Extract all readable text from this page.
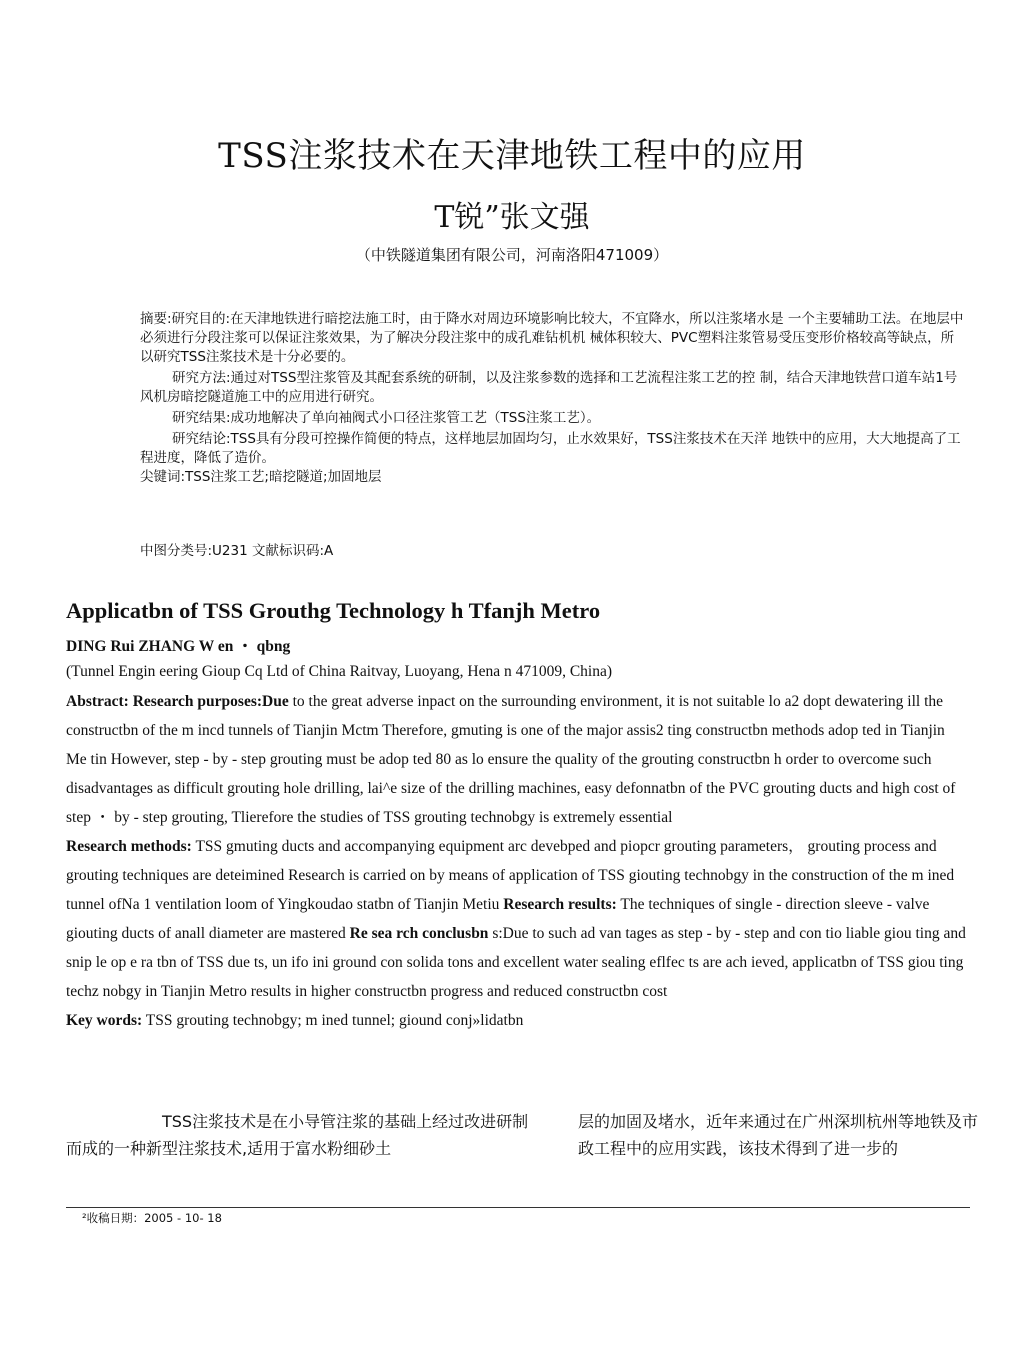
TSS注浆技术在天津地铁工程中的应用
T锐”张文强
（中铁隧道集团有限公司，河南洛阳471009）

摘要:研究目的:在天津地铁进行暗挖法施工时，由于降水对周边环境影响比较大，不宜降水，所以注浆堵水是 一个主要辅助工法。在地层中必须进行分段注浆可以保证注浆效果，为了解决分段注浆中的成孔难钻机机 械体积较大、PVC塑料注浆管易受压变形价格较高等缺点，所以研究TSS注浆技术是十分必要的。

研究方法:通过对TSS型注浆管及其配套系统的研制，以及注浆参数的选择和工艺流程注浆工艺的控 制，结合天津地铁营口道车站1号风机房暗挖隧道施工中的应用进行研究。

研究结果:成功地解决了单向袖阀式小口径注浆管工艺（TSS注浆工艺）。

研究结论:TSS具有分段可控操作简便的特点，这样地层加固均匀，止水效果好，TSS注浆技术在天洋 地铁中的应用，大大地提高了工程进度，降低了造价。

尖键词:TSS注浆工艺;暗挖隧道;加固地层

中图分类号:U231 文献标识码:A
Applicatbn of TSS Grouthg Technology h Tfanjh Metro
DING Rui ZHANG W en ・ qbng
(Tunnel Engin eering Gioup Cq Ltd of China Raitvay, Luoyang, Hena n 471009, China)

Abstract: Research purposes:Due to the great adverse inpact on the surrounding environment, it is not suitable lo a2 dopt dewatering ill the constructbn of the m incd tunnels of Tianjin Mctm Therefore, gmuting is one of the major assis2 ting constructbn methods adop ted in Tianjin Me tin However, step - by - step grouting must be adop ted 80 as lo ensure the quality of the grouting constructbn h order to overcome such disadvantages as difficult grouting hole drilling, lai^e size of the drilling machines, easy defonnatbn of the PVC grouting ducts and high cost of step ・ by - step grouting, Tlierefore the studies of TSS grouting technobgy is extremely essential

Research methods: TSS gmuting ducts and accompanying equipment arc devebped and piopcr grouting parameters， grouting process and grouting techniques are deteimined Research is carried on by means of application of TSS giouting technobgy in the construction of the m ined tunnel ofNa 1 ventilation loom of Yingkoudao statbn of Tianjin Metiu Research results: The techniques of single - direction sleeve - valve giouting ducts of anall diameter are mastered Re sea rch conclusbn s:Due to such ad van tages as step - by - step and con tio liable giou ting and snip le op e ra tbn of TSS due ts, un ifo ini ground con solida tons and excellent water sealing eflfec ts are ach ieved, applicatbn of TSS giou ting techz nobgy in Tianjin Metro results in higher constructbn progress and reduced constructbn cost

Key words: TSS grouting technobgy; m ined tunnel; giound conj»lidatbn

TSS注浆技术是在小导管注浆的基础上经过改进研制而成的一种新型注浆技术,适用于富水粉细砂土
层的加固及堵水，近年来通过在广州深圳杭州等地铁及市政工程中的应用实践，该技术得到了进一步的
²收稿日期：2005 - 10- 18
